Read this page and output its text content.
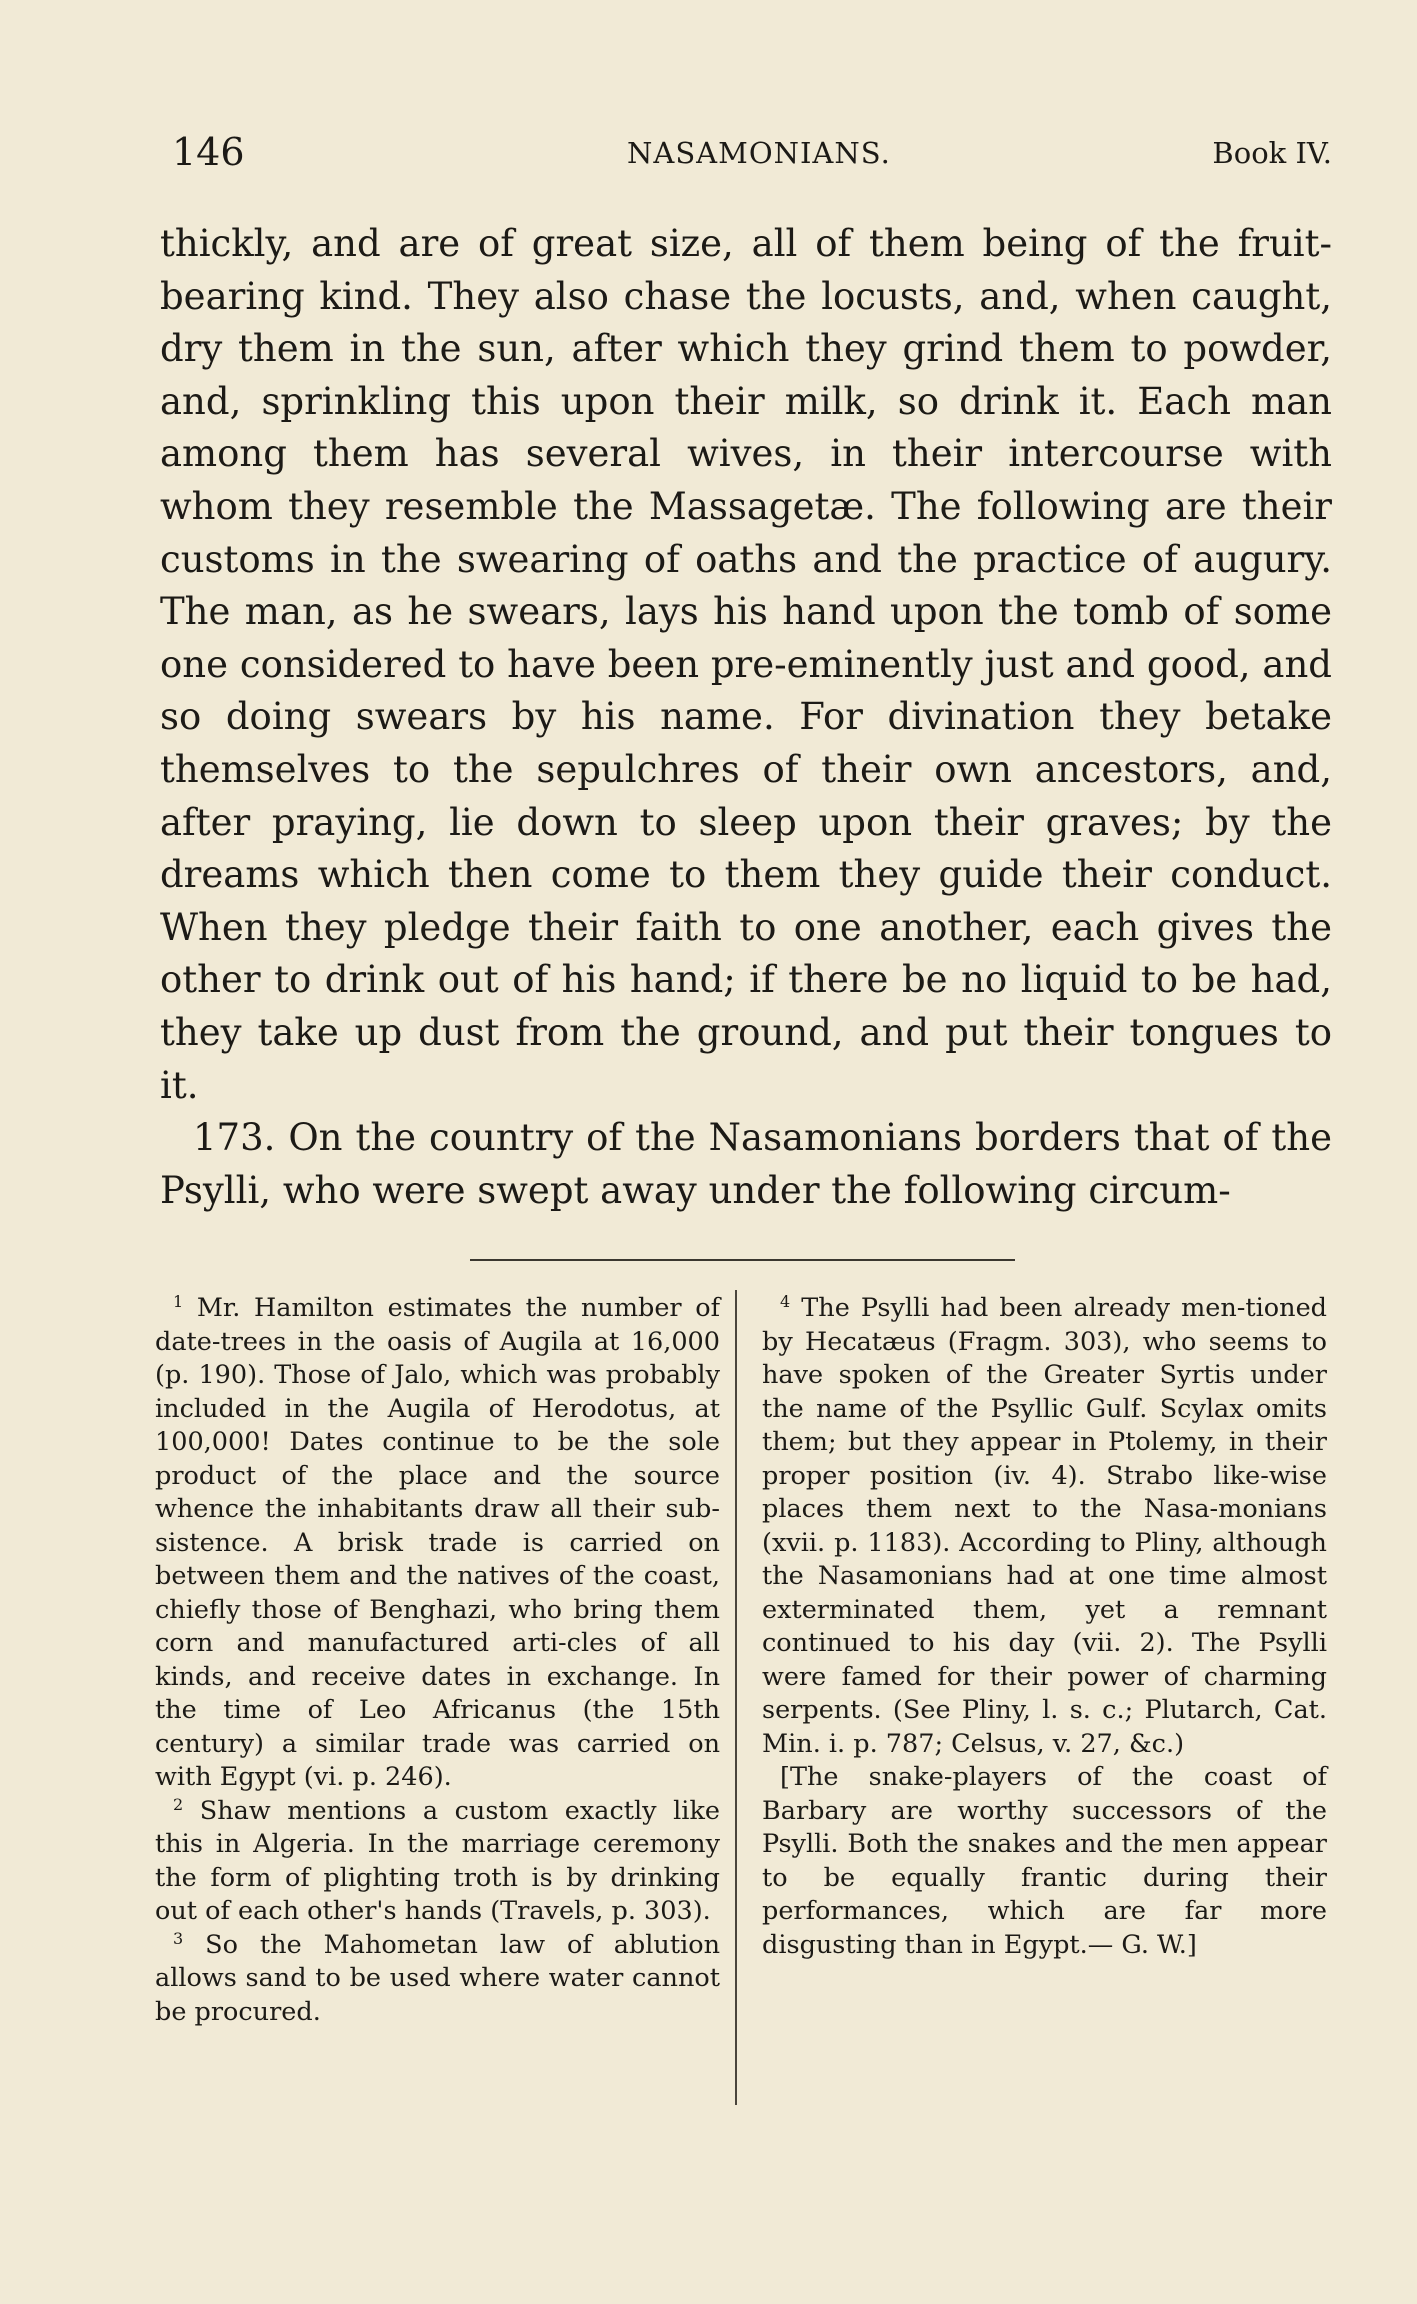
146	NASAMONIANS.	Book IV.

thickly, and are of great size, all of them being of the fruit-bearing kind. They also chase the locusts, and, when caught, dry them in the sun, after which they grind them to powder, and, sprinkling this upon their milk, so drink it. Each man among them has several wives, in their intercourse with whom they resemble the Massagetæ. The following are their customs in the swearing of oaths and the practice of augury. The man, as he swears, lays his hand upon the tomb of some one considered to have been pre-eminently just and good, and so doing swears by his name. For divination they betake themselves to the sepulchres of their own ancestors, and, after praying, lie down to sleep upon their graves; by the dreams which then come to them they guide their conduct. When they pledge their faith to one another, each gives the other to drink out of his hand; if there be no liquid to be had, they take up dust from the ground, and put their tongues to it.

173. On the country of the Nasamonians borders that of the Psylli, who were swept away under the following circum-

$^1$ Mr. Hamilton estimates the number of date-trees in the oasis of Augila at 16,000 (p. 190). Those of Jalo, which was probably included in the Augila of Herodotus, at 100,000! Dates continue to be the sole product of the place and the source whence the inhabitants draw all their sub-sistence. A brisk trade is carried on between them and the natives of the coast, chiefly those of Benghazi, who bring them corn and manufactured arti-cles of all kinds, and receive dates in exchange. In the time of Leo Africanus (the 15th century) a similar trade was carried on with Egypt (vi. p. 246).

$^2$ Shaw mentions a custom exactly like this in Algeria. In the marriage ceremony the form of plighting troth is by drinking out of each other's hands (Travels, p. 303).

$^3$ So the Mahometan law of ablution allows sand to be used where water cannot be procured.

$^4$ The Psylli had been already men-tioned by Hecatæus (Fragm. 303), who seems to have spoken of the Greater Syrtis under the name of the Psyllic Gulf. Scylax omits them; but they appear in Ptolemy, in their proper position (iv. 4). Strabo like-wise places them next to the Nasa-monians (xvii. p. 1183). According to Pliny, although the Nasamonians had at one time almost exterminated them, yet a remnant continued to his day (vii. 2). The Psylli were famed for their power of charming serpents. (See Pliny, l. s. c.; Plutarch, Cat. Min. i. p. 787; Celsus, v. 27, &c.)

[The snake-players of the coast of Barbary are worthy successors of the Psylli. Both the snakes and the men appear to be equally frantic during their performances, which are far more disgusting than in Egypt.— G. W.]
